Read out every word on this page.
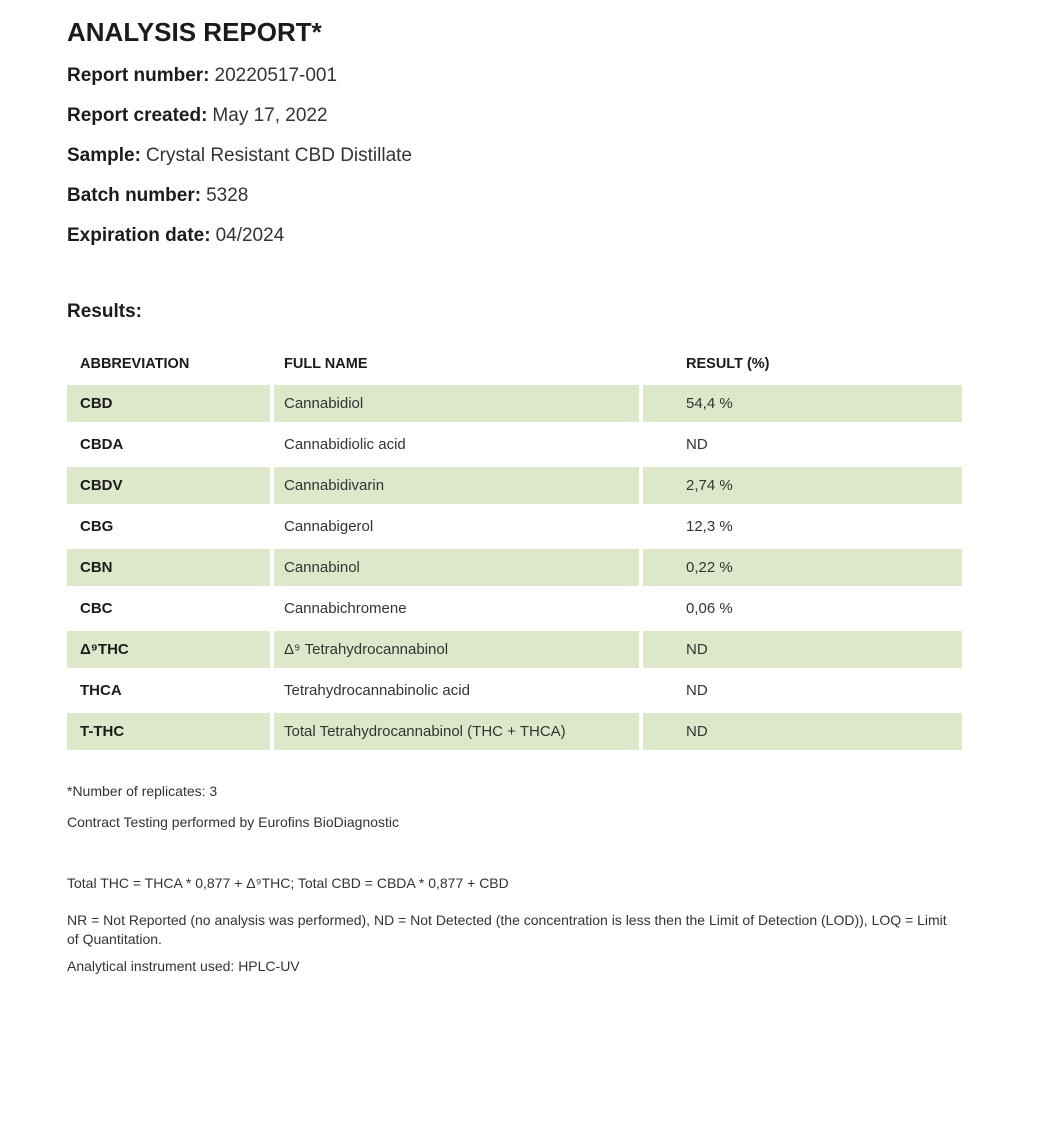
ANALYSIS REPORT*

Report number: 20220517-001

Report created: May 17, 2022

Sample: Crystal Resistant CBD Distillate

Batch number: 5328

Expiration date: 04/2024

Results:
ABBREVIATION	FULL NAME	RESULT (%)
CBD	Cannabidiol	54,4 %
CBDA	Cannabidiolic acid	ND
CBDV	Cannabidivarin	2,74 %
CBG	Cannabigerol	12,3 %
CBN	Cannabinol	0,22 %
CBC	Cannabichromene	0,06 %
Δ⁹THC	Δ⁹ Tetrahydrocannabinol	ND
THCA	Tetrahydrocannabinolic acid	ND
T-THC	Total Tetrahydrocannabinol (THC + THCA)	ND

*Number of replicates: 3

Contract Testing performed by Eurofins BioDiagnostic

Total THC = THCA * 0,877 + Δ⁹THC; Total CBD = CBDA * 0,877 + CBD

NR = Not Reported (no analysis was performed), ND = Not Detected (the concentration is less then the Limit of Detection (LOD)), LOQ = Limit of Quantitation.

Analytical instrument used: HPLC-UV
